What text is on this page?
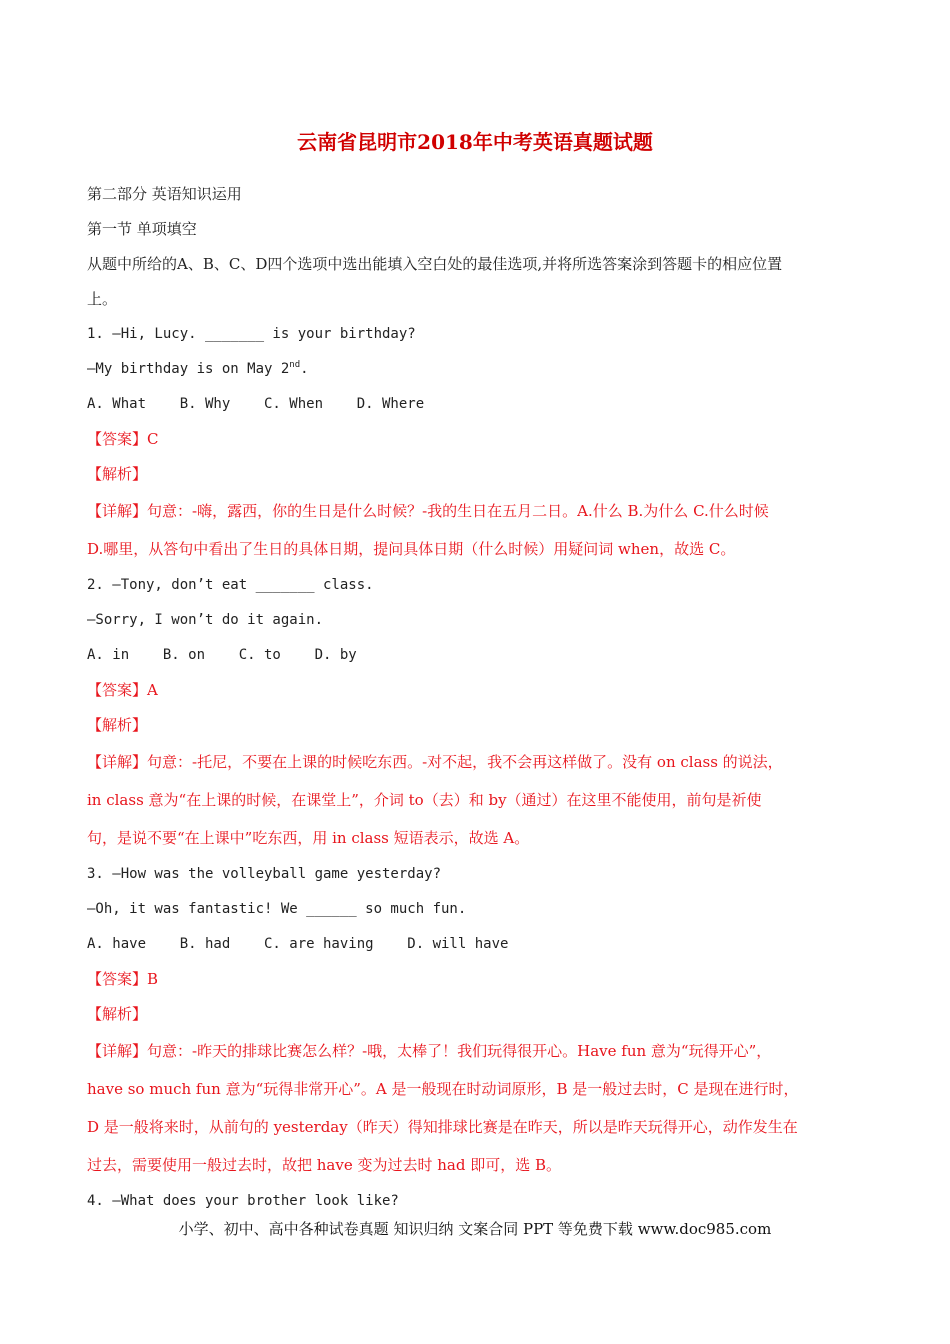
云南省昆明市2018年中考英语真题试题
第二部分 英语知识运用
第一节 单项填空
从题中所给的A、B、C、D四个选项中选出能填入空白处的最佳选项,并将所选答案涂到答题卡的相应位置
上。
1. —Hi, Lucy. _______ is your birthday?
—My birthday is on May 2nd.
A. What    B. Why    C. When    D. Where
【答案】C
【解析】
【详解】句意：-嗨，露西，你的生日是什么时候？-我的生日在五月二日。A.什么 B.为什么 C.什么时候
D.哪里，从答句中看出了生日的具体日期，提问具体日期（什么时候）用疑问词 when，故选 C。
2. —Tony, don’t eat _______ class.
—Sorry, I won’t do it again.
A. in    B. on    C. to    D. by
【答案】A
【解析】
【详解】句意：-托尼，不要在上课的时候吃东西。-对不起，我不会再这样做了。没有 on class 的说法，
in class 意为“在上课的时候，在课堂上”，介词 to（去）和 by（通过）在这里不能使用，前句是祈使
句，是说不要“在上课中”吃东西，用 in class 短语表示，故选 A。
3. —How was the volleyball game yesterday?
—Oh, it was fantastic! We ______ so much fun.
A. have    B. had    C. are having    D. will have
【答案】B
【解析】
【详解】句意：-昨天的排球比赛怎么样？-哦，太棒了！我们玩得很开心。Have fun 意为“玩得开心”，
have so much fun 意为“玩得非常开心”。A 是一般现在时动词原形，B 是一般过去时，C 是现在进行时，
D 是一般将来时，从前句的 yesterday（昨天）得知排球比赛是在昨天，所以是昨天玩得开心，动作发生在
过去，需要使用一般过去时，故把 have 变为过去时 had 即可，选 B。
4. —What does your brother look like?
小学、初中、高中各种试卷真题 知识归纳 文案合同 PPT 等免费下载 www.doc985.com
